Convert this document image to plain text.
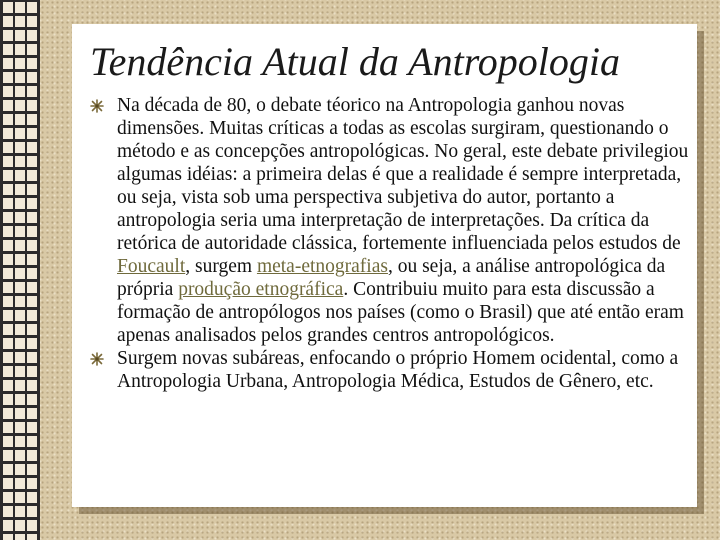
Tendência Atual da Antropologia
Na década de 80, o debate téorico na Antropologia ganhou novas dimensões. Muitas críticas a todas as escolas surgiram, questionando o método e as concepções antropológicas. No geral, este debate privilegiou algumas idéias: a primeira delas é que a realidade é sempre interpretada, ou seja, vista sob uma perspectiva subjetiva do autor, portanto a antropologia seria uma interpretação de interpretações. Da crítica da retórica de autoridade clássica, fortemente influenciada pelos estudos de Foucault, surgem meta-etnografias, ou seja, a análise antropológica da própria produção etnográfica. Contribuiu muito para esta discussão a formação de antropólogos nos países (como o Brasil) que até então eram apenas analisados pelos grandes centros antropológicos.
Surgem novas subáreas, enfocando o próprio Homem ocidental, como a Antropologia Urbana, Antropologia Médica, Estudos de Gênero, etc.
